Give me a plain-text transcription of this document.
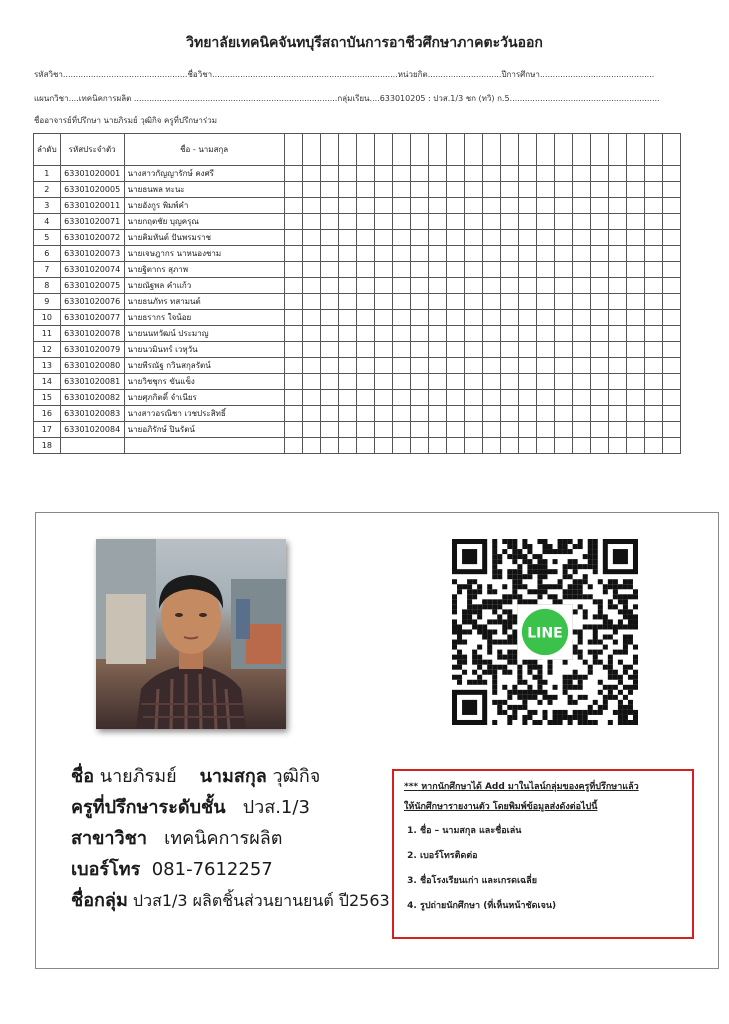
วิทยาลัยเทคนิคจันทบุรีสถาบันการอาชีวศึกษาภาคตะวันออก
รหัสวิชา.................................................ชื่อวิชา.........................................................................หน่วยกิต.............................ปีการศึกษา.............................................
แผนกวิชา....เทคนิคการผลิต ................................................................................กลุ่มเรียน....633010205 : ปวส.1/3 ชก (ทวิ) ก.5...........................................................
ชื่ออาจารย์ที่ปรึกษา นายภิรมย์ วุฒิกิจ ครูที่ปรึกษาร่วม
ลำดับ	รหัสประจำตัว	ชื่อ - นามสกุล																						
1	63301020001	นางสาวกัญญารักษ์ คงศรี																						
2	63301020005	นายธนพล ทะนะ																						
3	63301020011	นายอังกูร พิมพ์คำ																						
4	63301020071	นายกฤตชัย บุญครุณ																						
5	63301020072	นายคิมหันต์ ปันพรมราช																						
6	63301020073	นายเจษฎากร นาหนองชาม																						
7	63301020074	นายฐิตากร สุภาพ																						
8	63301020075	นายณัฐพล คำแก้ว																						
9	63301020076	นายธนภัทร ทสามนต์																						
10	63301020077	นายธรากร ใจน้อย																						
11	63301020078	นายนนทวัฒน์ ประมาญ																						
12	63301020079	นายนวมินทร์ เวหุวัน																						
13	63301020080	นายพีรณัฐ กวินสกุลรัตน์																						
14	63301020081	นายวิชชุกร ขันแข็ง																						
15	63301020082	นายศุภกิตติ์ จำเนียร																						
16	63301020083	นางสาวอรณิชา เวชประสิทธิ์																						
17	63301020084	นายอภิรักษ์ ปินรัตน์																						
18																								
LINE
ชื่อ นายภิรมย์ นามสกุล วุฒิกิจ
ครูที่ปรึกษาระดับชั้น ปวส.1/3
สาขาวิชา เทคนิคการผลิต
เบอร์โทร 081-7612257
ชื่อกลุ่ม ปวส1/3 ผลิตชิ้นส่วนยานยนต์ ปี2563
*** หากนักศึกษาได้ Add มาในไลน์กลุ่มของครูที่ปรึกษาแล้ว
ให้นักศึกษารายงานตัว โดยพิมพ์ข้อมูลส่งดังต่อไปนี้
1. ชื่อ – นามสกุล และชื่อเล่น
2. เบอร์โทรติดต่อ
3. ชื่อโรงเรียนเก่า และเกรดเฉลี่ย
4. รูปถ่ายนักศึกษา (ที่เห็นหน้าชัดเจน)
